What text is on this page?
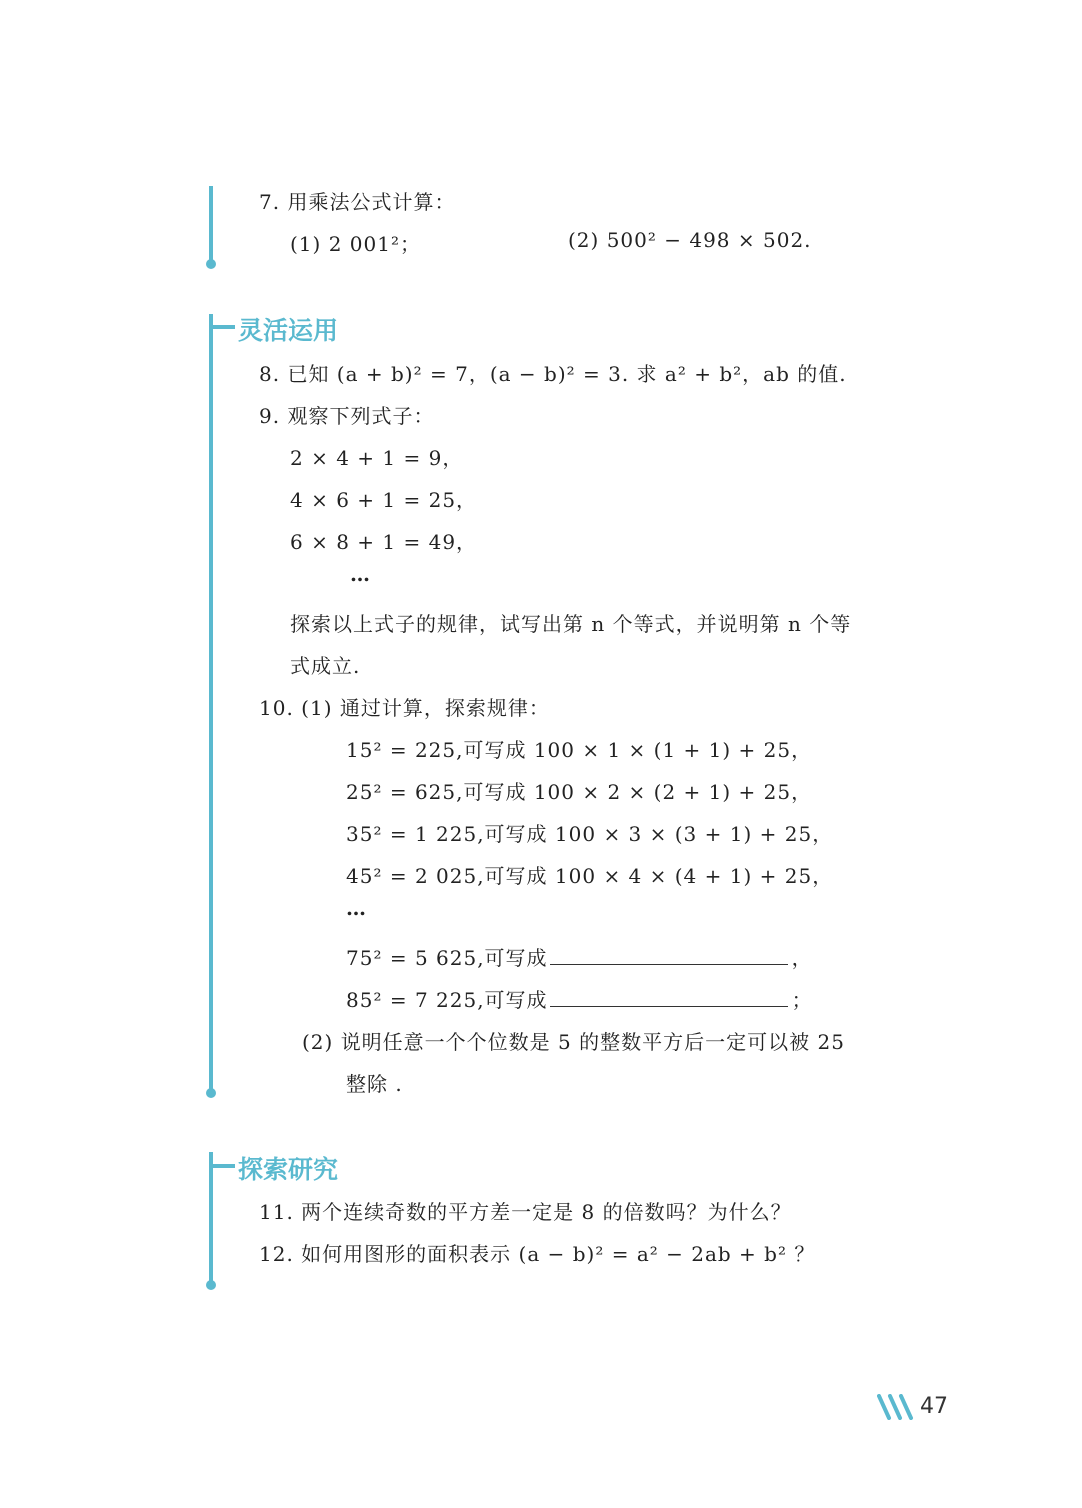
7. 用乘法公式计算：
(1) 2 001²；	(2) 500² − 498 × 502.
灵活运用
8. 已知 (a + b)² = 7，(a − b)² = 3. 求 a² + b²，ab 的值.
9. 观察下列式子：
2 × 4 + 1 = 9，
4 × 6 + 1 = 25，
6 × 8 + 1 = 49，
…
探索以上式子的规律，试写出第 n 个等式，并说明第 n 个等
式成立.
10. (1) 通过计算，探索规律：
15² = 225,可写成 100 × 1 × (1 + 1) + 25，
25² = 625,可写成 100 × 2 × (2 + 1) + 25，
35² = 1 225,可写成 100 × 3 × (3 + 1) + 25，
45² = 2 025,可写成 100 × 4 × (4 + 1) + 25，
…
75² = 5 625,可写成	，
85² = 7 225,可写成	；
(2) 说明任意一个个位数是 5 的整数平方后一定可以被 25
整除 .
探索研究
11. 两个连续奇数的平方差一定是 8 的倍数吗？为什么？
12. 如何用图形的面积表示 (a − b)² = a² − 2ab + b² ？
47
